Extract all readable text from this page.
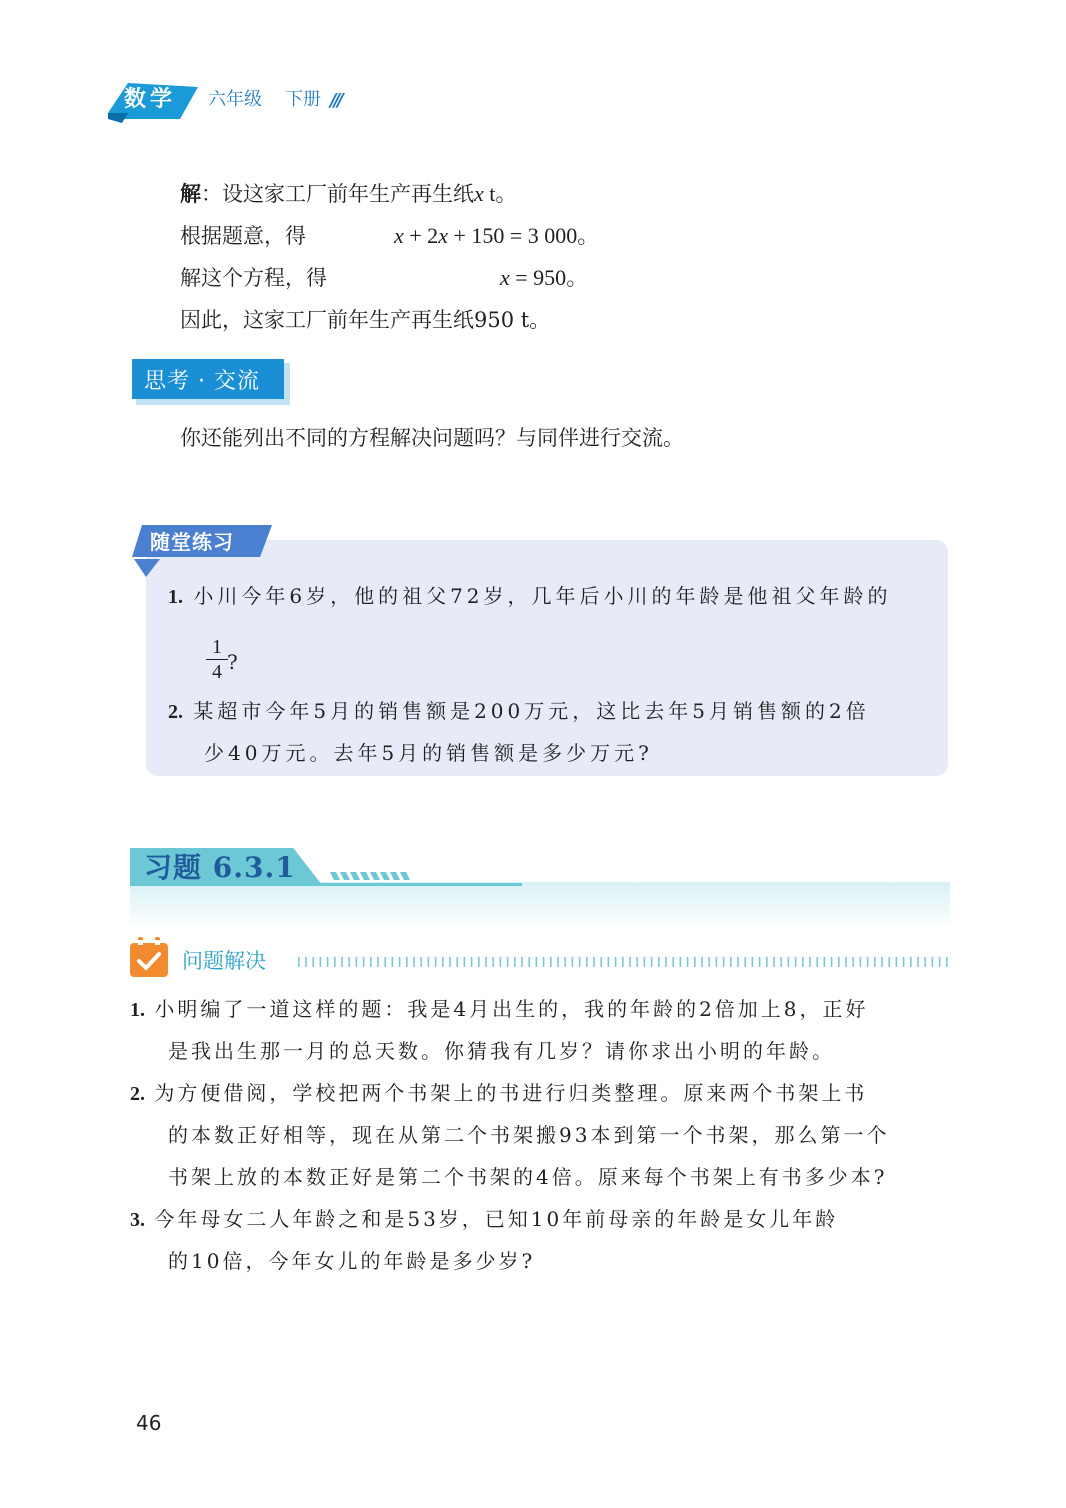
数学	六年级 下册 ///
解：设这家工厂前年生产再生纸x t。
根据题意，得	x + 2x + 150 = 3 000。
解这个方程，得	x = 950。
因此，这家工厂前年生产再生纸950 t。
思考 · 交流
你还能列出不同的方程解决问题吗？与同伴进行交流。
随堂练习
1. 小川今年6岁，他的祖父72岁，几年后小川的年龄是他祖父年龄的
1
4 ?
2. 某超市今年5月的销售额是200万元，这比去年5月销售额的2倍
少40万元。去年5月的销售额是多少万元?
习题 6.3.1
问题解决
1. 小明编了一道这样的题：我是4月出生的，我的年龄的2倍加上8，正好
是我出生那一月的总天数。你猜我有几岁？请你求出小明的年龄。
2. 为方便借阅，学校把两个书架上的书进行归类整理。原来两个书架上书
的本数正好相等，现在从第二个书架搬93本到第一个书架，那么第一个
书架上放的本数正好是第二个书架的4倍。原来每个书架上有书多少本?
3. 今年母女二人年龄之和是53岁，已知10年前母亲的年龄是女儿年龄
的10倍，今年女儿的年龄是多少岁?
46
